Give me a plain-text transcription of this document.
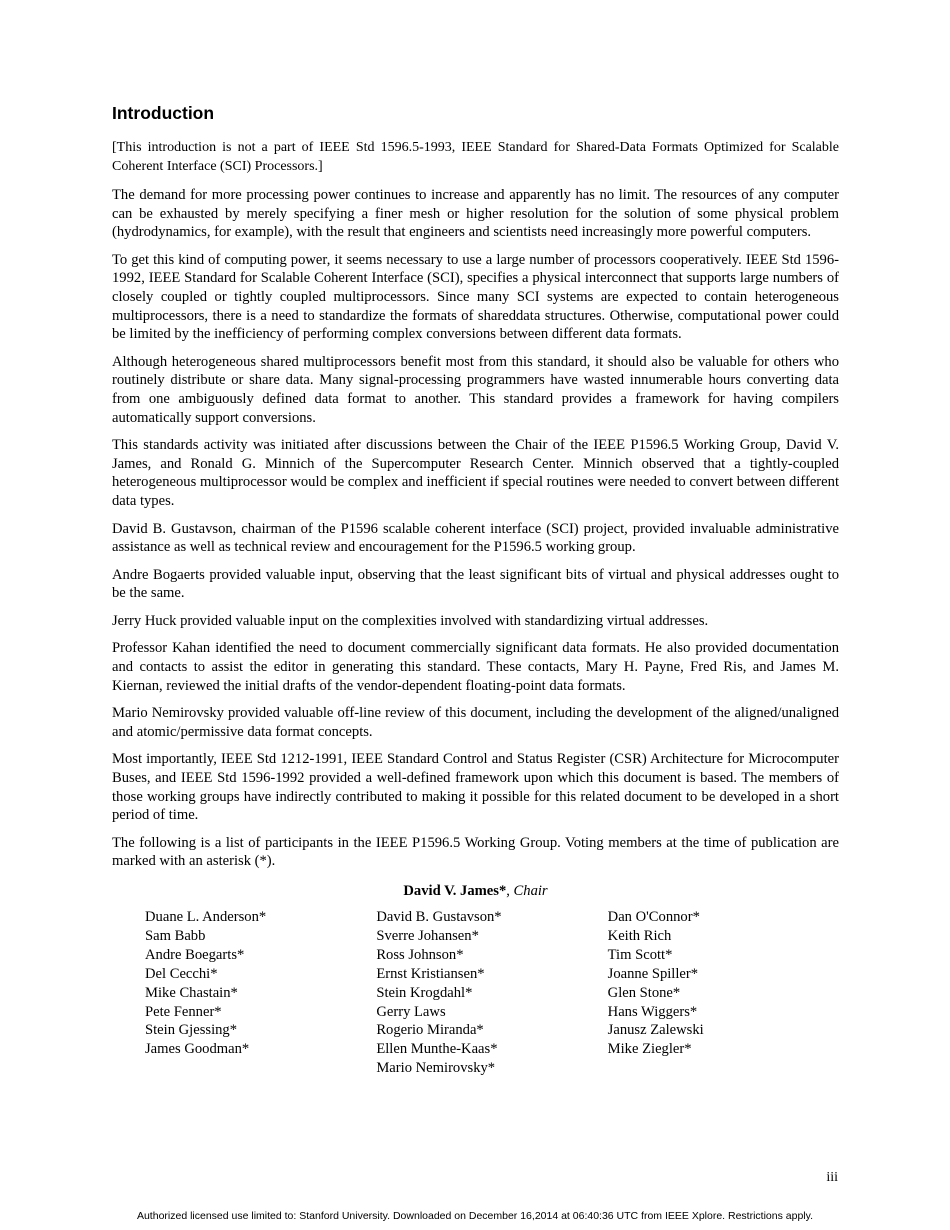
Introduction

[This introduction is not a part of IEEE Std 1596.5-1993, IEEE Standard for Shared-Data Formats Optimized for Scalable Coherent Interface (SCI) Processors.]

The demand for more processing power continues to increase and apparently has no limit. The resources of any computer can be exhausted by merely specifying a finer mesh or higher resolution for the solution of some physical problem (hydrodynamics, for example), with the result that engineers and scientists need increasingly more powerful computers.

To get this kind of computing power, it seems necessary to use a large number of processors cooperatively. IEEE Std 1596-1992, IEEE Standard for Scalable Coherent Interface (SCI), specifies a physical interconnect that supports large numbers of closely coupled or tightly coupled multiprocessors. Since many SCI systems are expected to contain heterogeneous multiprocessors, there is a need to standardize the formats of shareddata structures. Otherwise, computational power could be limited by the inefficiency of performing complex conversions between different data formats.

Although heterogeneous shared multiprocessors benefit most from this standard, it should also be valuable for others who routinely distribute or share data. Many signal-processing programmers have wasted innumerable hours converting data from one ambiguously defined data format to another. This standard provides a framework for having compilers automatically support conversions.

This standards activity was initiated after discussions between the Chair of the IEEE P1596.5 Working Group, David V. James, and Ronald G. Minnich of the Supercomputer Research Center. Minnich observed that a tightly-coupled heterogeneous multiprocessor would be complex and inefficient if special routines were needed to convert between different data types.

David B. Gustavson, chairman of the P1596 scalable coherent interface (SCI) project, provided invaluable administrative assistance as well as technical review and encouragement for the P1596.5 working group.

Andre Bogaerts provided valuable input, observing that the least significant bits of virtual and physical addresses ought to be the same.

Jerry Huck provided valuable input on the complexities involved with standardizing virtual addresses.

Professor Kahan identified the need to document commercially significant data formats. He also provided documentation and contacts to assist the editor in generating this standard. These contacts, Mary H. Payne, Fred Ris, and James M. Kiernan, reviewed the initial drafts of the vendor-dependent floating-point data formats.

Mario Nemirovsky provided valuable off-line review of this document, including the development of the aligned/unaligned and atomic/permissive data format concepts.

Most importantly, IEEE Std 1212-1991, IEEE Standard Control and Status Register (CSR) Architecture for Microcomputer Buses, and IEEE Std 1596-1992 provided a well-defined framework upon which this document is based. The members of those working groups have indirectly contributed to making it possible for this related document to be developed in a short period of time.

The following is a list of participants in the IEEE P1596.5 Working Group. Voting members at the time of publication are marked with an asterisk (*).

David V. James*, Chair
Duane L. Anderson*
Sam Babb
Andre Boegarts*
Del Cecchi*
Mike Chastain*
Pete Fenner*
Stein Gjessing*
James Goodman*
David B. Gustavson*
Sverre Johansen*
Ross Johnson*
Ernst Kristiansen*
Stein Krogdahl*
Gerry Laws
Rogerio Miranda*
Ellen Munthe-Kaas*
Mario Nemirovsky*
Dan O'Connor*
Keith Rich
Tim Scott*
Joanne Spiller*
Glen Stone*
Hans Wiggers*
Janusz Zalewski
Mike Ziegler*
iii
Authorized licensed use limited to: Stanford University. Downloaded on December 16,2014 at 06:40:36 UTC from IEEE Xplore. Restrictions apply.
